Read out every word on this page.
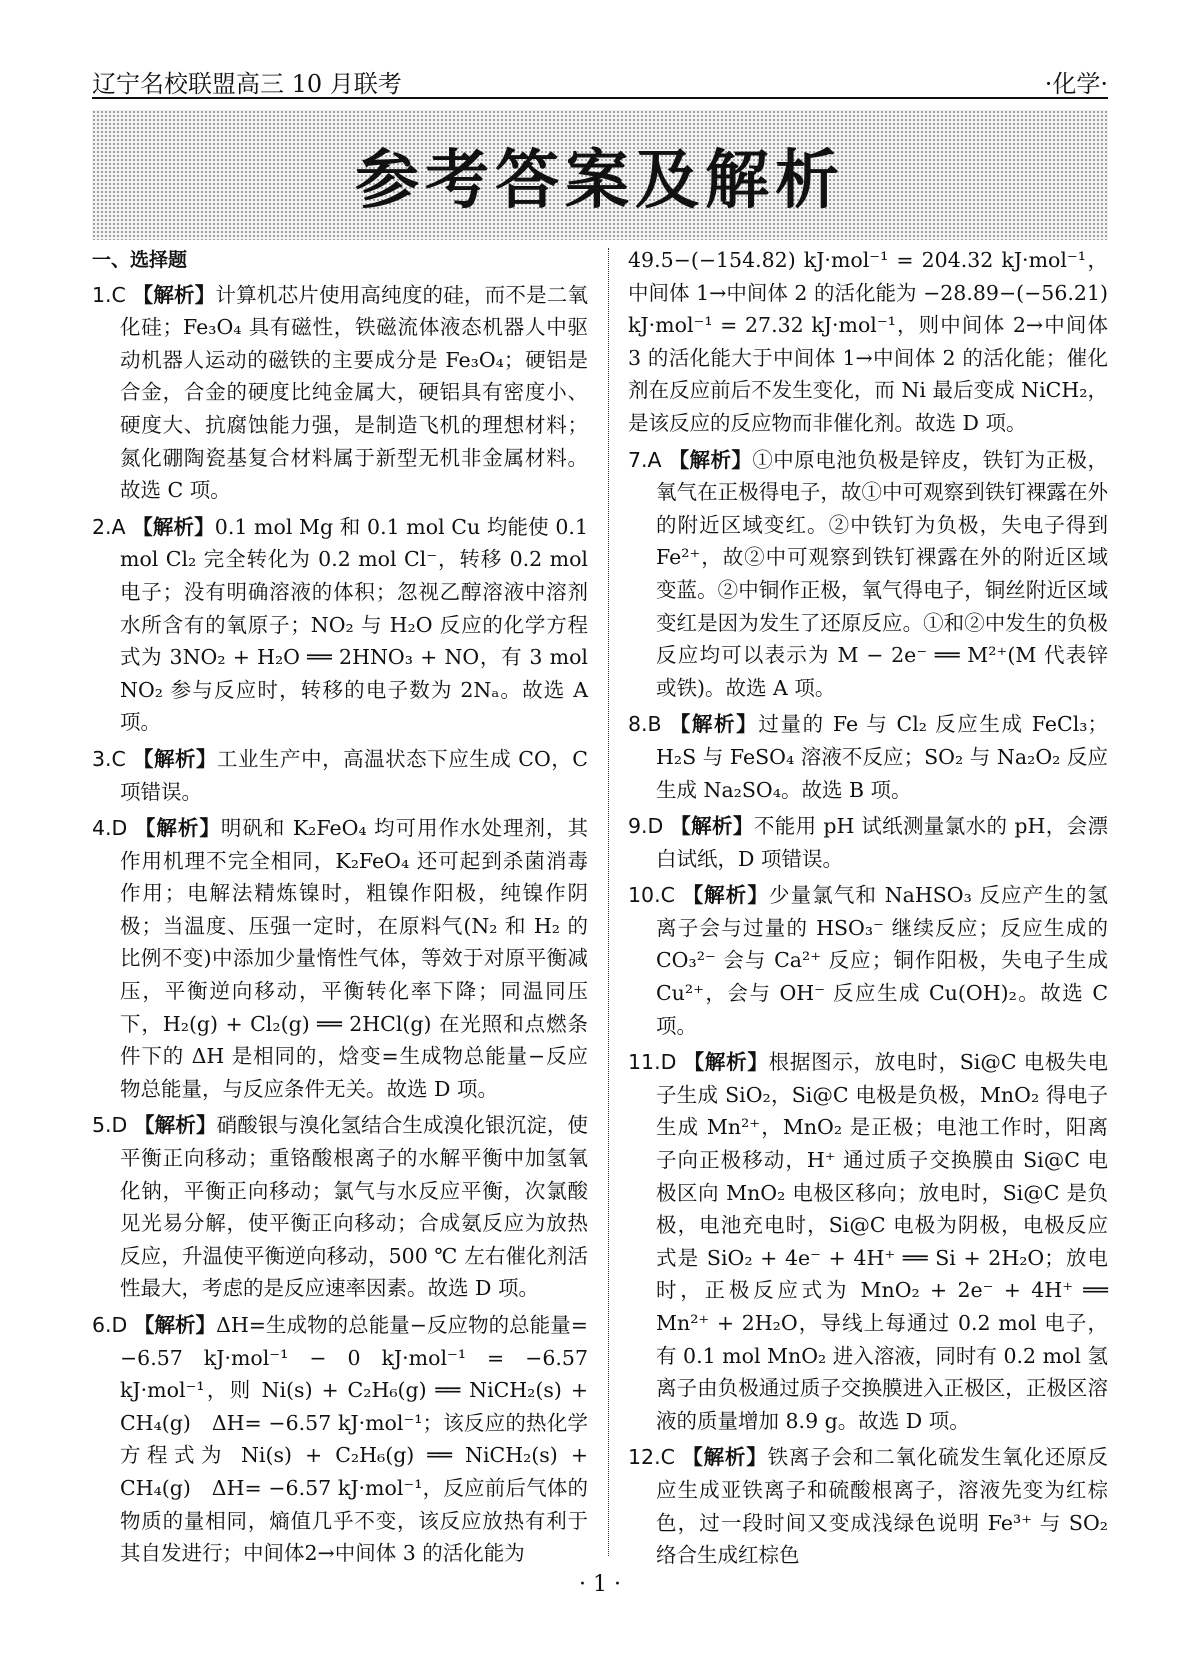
辽宁名校联盟高三 10 月联考	·化学·
参考答案及解析
一、选择题

1.C 【解析】计算机芯片使用高纯度的硅，而不是二氧化硅；Fe₃O₄ 具有磁性，铁磁流体液态机器人中驱动机器人运动的磁铁的主要成分是 Fe₃O₄；硬铝是合金，合金的硬度比纯金属大，硬铝具有密度小、硬度大、抗腐蚀能力强，是制造飞机的理想材料；氮化硼陶瓷基复合材料属于新型无机非金属材料。故选 C 项。

2.A 【解析】0.1 mol Mg 和 0.1 mol Cu 均能使 0.1 mol Cl₂ 完全转化为 0.2 mol Cl⁻，转移 0.2 mol 电子；没有明确溶液的体积；忽视乙醇溶液中溶剂水所含有的氧原子；NO₂ 与 H₂O 反应的化学方程式为 3NO₂ + H₂O ══ 2HNO₃ + NO，有 3 mol NO₂ 参与反应时，转移的电子数为 2Nₐ。故选 A 项。

3.C 【解析】工业生产中，高温状态下应生成 CO，C 项错误。

4.D 【解析】明矾和 K₂FeO₄ 均可用作水处理剂，其作用机理不完全相同，K₂FeO₄ 还可起到杀菌消毒作用；电解法精炼镍时，粗镍作阳极，纯镍作阴极；当温度、压强一定时，在原料气(N₂ 和 H₂ 的比例不变)中添加少量惰性气体，等效于对原平衡减压，平衡逆向移动，平衡转化率下降；同温同压下，H₂(g) + Cl₂(g) ══ 2HCl(g) 在光照和点燃条件下的 ΔH 是相同的，焓变=生成物总能量−反应物总能量，与反应条件无关。故选 D 项。

5.D 【解析】硝酸银与溴化氢结合生成溴化银沉淀，使平衡正向移动；重铬酸根离子的水解平衡中加氢氧化钠，平衡正向移动；氯气与水反应平衡，次氯酸见光易分解，使平衡正向移动；合成氨反应为放热反应，升温使平衡逆向移动，500 ℃ 左右催化剂活性最大，考虑的是反应速率因素。故选 D 项。

6.D 【解析】ΔH=生成物的总能量−反应物的总能量= −6.57 kJ·mol⁻¹ − 0 kJ·mol⁻¹ = −6.57 kJ·mol⁻¹，则 Ni(s) + C₂H₆(g) ══ NiCH₂(s) + CH₄(g)　ΔH= −6.57 kJ·mol⁻¹；该反应的热化学方程式为 Ni(s) + C₂H₆(g) ══ NiCH₂(s) + CH₄(g)　ΔH= −6.57 kJ·mol⁻¹，反应前后气体的物质的量相同，熵值几乎不变，该反应放热有利于其自发进行；中间体2→中间体 3 的活化能为

49.5−(−154.82) kJ·mol⁻¹ = 204.32 kJ·mol⁻¹，中间体 1→中间体 2 的活化能为 −28.89−(−56.21) kJ·mol⁻¹ = 27.32 kJ·mol⁻¹，则中间体 2→中间体 3 的活化能大于中间体 1→中间体 2 的活化能；催化剂在反应前后不发生变化，而 Ni 最后变成 NiCH₂，是该反应的反应物而非催化剂。故选 D 项。

7.A 【解析】①中原电池负极是锌皮，铁钉为正极，氧气在正极得电子，故①中可观察到铁钉裸露在外的附近区域变红。②中铁钉为负极，失电子得到 Fe²⁺，故②中可观察到铁钉裸露在外的附近区域变蓝。②中铜作正极，氧气得电子，铜丝附近区域变红是因为发生了还原反应。①和②中发生的负极反应均可以表示为 M − 2e⁻ ══ M²⁺(M 代表锌或铁)。故选 A 项。

8.B 【解析】过量的 Fe 与 Cl₂ 反应生成 FeCl₃；H₂S 与 FeSO₄ 溶液不反应；SO₂ 与 Na₂O₂ 反应生成 Na₂SO₄。故选 B 项。

9.D 【解析】不能用 pH 试纸测量氯水的 pH，会漂白试纸，D 项错误。

10.C 【解析】少量氯气和 NaHSO₃ 反应产生的氢离子会与过量的 HSO₃⁻ 继续反应；反应生成的 CO₃²⁻ 会与 Ca²⁺ 反应；铜作阳极，失电子生成 Cu²⁺，会与 OH⁻ 反应生成 Cu(OH)₂。故选 C 项。

11.D 【解析】根据图示，放电时，Si@C 电极失电子生成 SiO₂，Si@C 电极是负极，MnO₂ 得电子生成 Mn²⁺，MnO₂ 是正极；电池工作时，阳离子向正极移动，H⁺ 通过质子交换膜由 Si@C 电极区向 MnO₂ 电极区移向；放电时，Si@C 是负极，电池充电时，Si@C 电极为阴极，电极反应式是 SiO₂ + 4e⁻ + 4H⁺ ══ Si + 2H₂O；放电时，正极反应式为 MnO₂ + 2e⁻ + 4H⁺ ══ Mn²⁺ + 2H₂O，导线上每通过 0.2 mol 电子，有 0.1 mol MnO₂ 进入溶液，同时有 0.2 mol 氢离子由负极通过质子交换膜进入正极区，正极区溶液的质量增加 8.9 g。故选 D 项。

12.C 【解析】铁离子会和二氧化硫发生氧化还原反应生成亚铁离子和硫酸根离子，溶液先变为红棕色，过一段时间又变成浅绿色说明 Fe³⁺ 与 SO₂ 络合生成红棕色

· 1 ·
